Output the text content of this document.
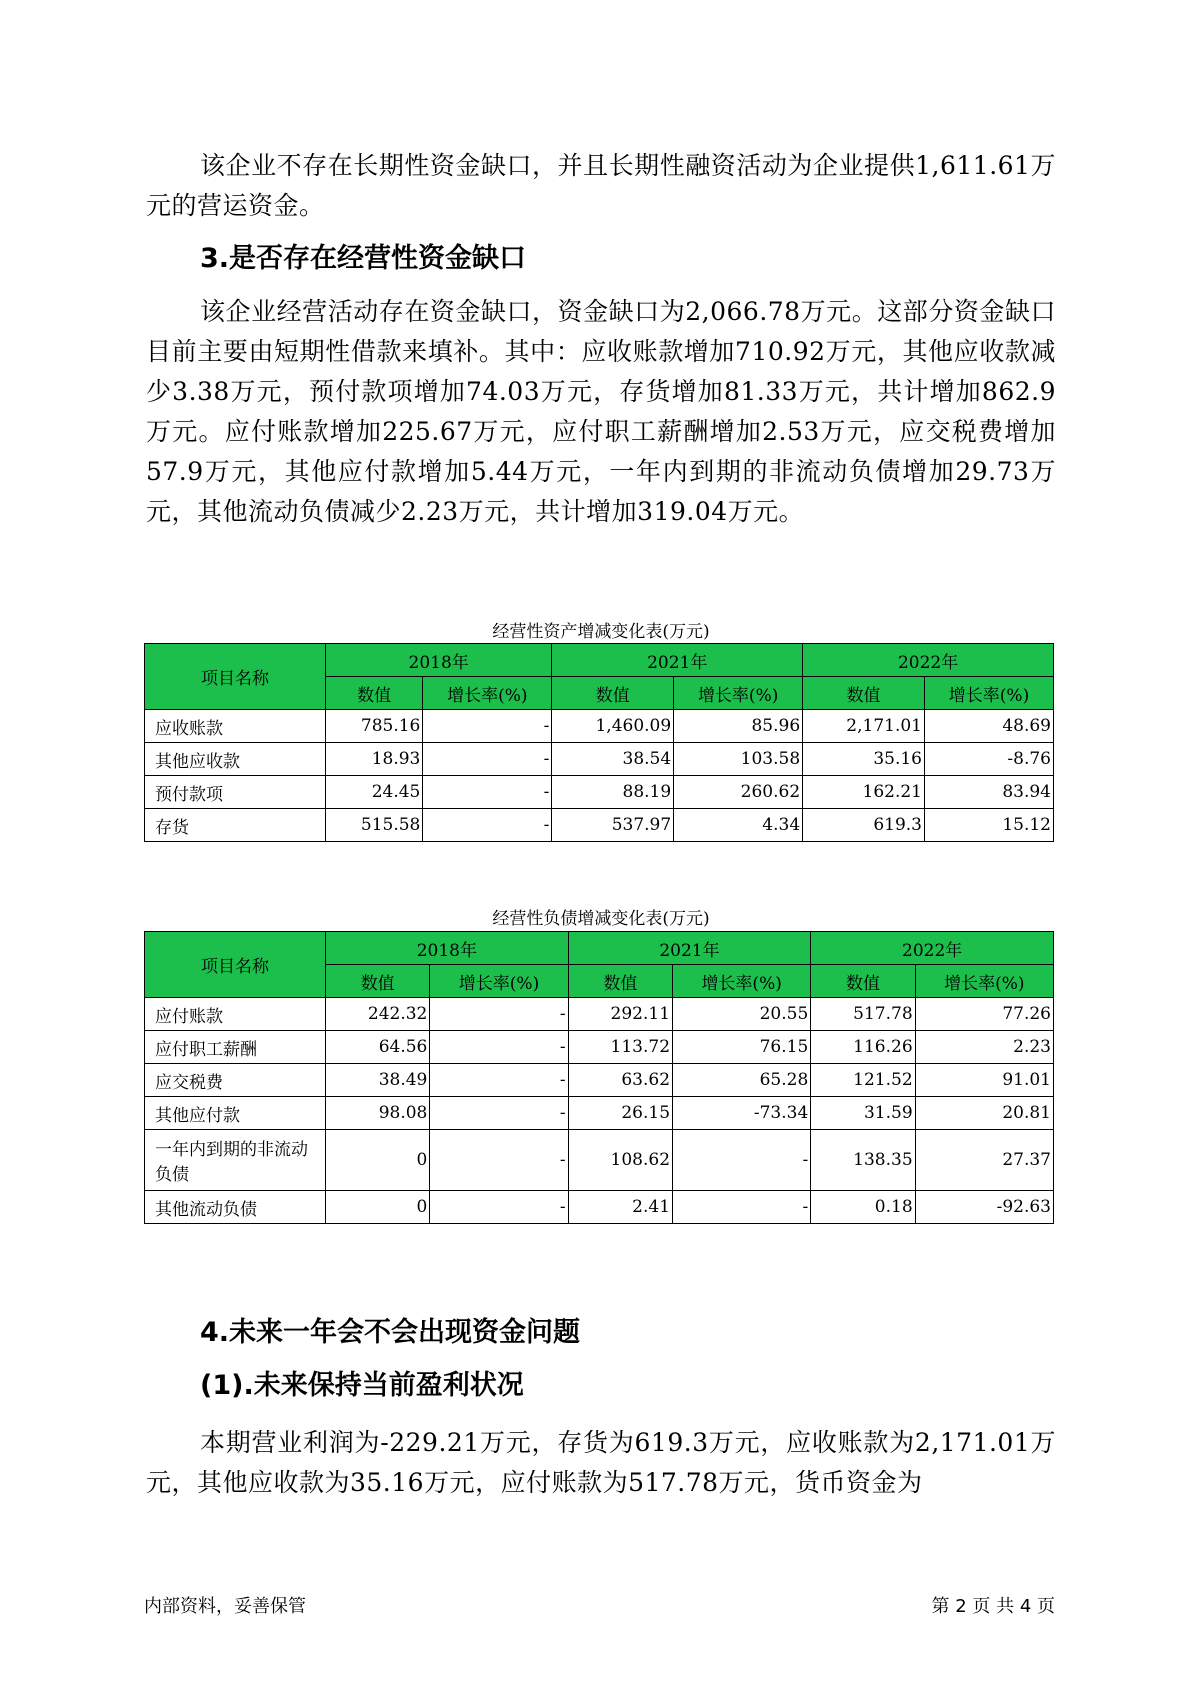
该企业不存在长期性资金缺口，并且长期性融资活动为企业提供1,611.61万元的营运资金。

3.是否存在经营性资金缺口

该企业经营活动存在资金缺口，资金缺口为2,066.78万元。这部分资金缺口目前主要由短期性借款来填补。其中：应收账款增加710.92万元，其他应收款减少3.38万元，预付款项增加74.03万元，存货增加81.33万元，共计增加862.9万元。应付账款增加225.67万元，应付职工薪酬增加2.53万元，应交税费增加57.9万元，其他应付款增加5.44万元，一年内到期的非流动负债增加29.73万元，其他流动负债减少2.23万元，共计增加319.04万元。

经营性资产增减变化表(万元)
项目名称	2018年		2021年		2022年	
	数值	增长率(%)	数值	增长率(%)	数值	增长率(%)
应收账款	785.16	-	1,460.09	85.96	2,171.01	48.69
其他应收款	18.93	-	38.54	103.58	35.16	-8.76
预付款项	24.45	-	88.19	260.62	162.21	83.94
存货	515.58	-	537.97	4.34	619.3	15.12
经营性负债增减变化表(万元)
项目名称	2018年		2021年		2022年	
	数值	增长率(%)	数值	增长率(%)	数值	增长率(%)
应付账款	242.32	-	292.11	20.55	517.78	77.26
应付职工薪酬	64.56	-	113.72	76.15	116.26	2.23
应交税费	38.49	-	63.62	65.28	121.52	91.01
其他应付款	98.08	-	26.15	-73.34	31.59	20.81
一年内到期的非流动负债	0	-	108.62	-	138.35	27.37
其他流动负债	0	-	2.41	-	0.18	-92.63
4.未来一年会不会出现资金问题
(1).未来保持当前盈利状况

本期营业利润为-229.21万元，存货为619.3万元，应收账款为2,171.01万元，其他应收款为35.16万元，应付账款为517.78万元，货币资金为

内部资料，妥善保管	第 2 页 共 4 页
